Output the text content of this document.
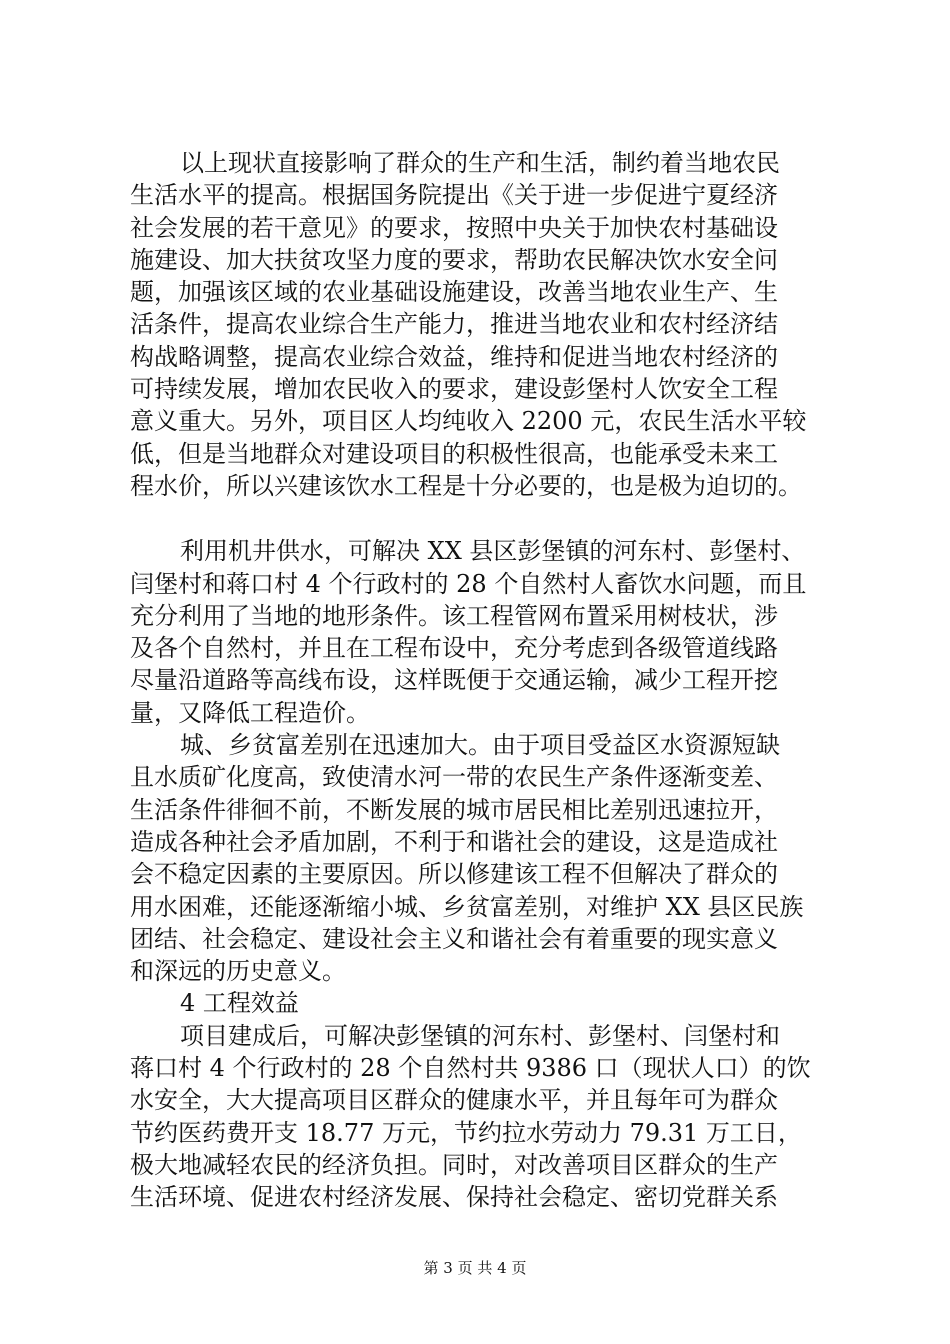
以上现状直接影响了群众的生产和生活，制约着当地农民
生活水平的提高。根据国务院提出《关于进一步促进宁夏经济
社会发展的若干意见》的要求，按照中央关于加快农村基础设
施建设、加大扶贫攻坚力度的要求，帮助农民解决饮水安全问
题，加强该区域的农业基础设施建设，改善当地农业生产、生
活条件，提高农业综合生产能力，推进当地农业和农村经济结
构战略调整，提高农业综合效益，维持和促进当地农村经济的
可持续发展，增加农民收入的要求，建设彭堡村人饮安全工程
意义重大。另外，项目区人均纯收入 2200 元，农民生活水平较
低，但是当地群众对建设项目的积极性很高，也能承受未来工
程水价，所以兴建该饮水工程是十分必要的，也是极为迫切的。
利用机井供水，可解决 XX 县区彭堡镇的河东村、彭堡村、
闫堡村和蒋口村 4 个行政村的 28 个自然村人畜饮水问题，而且
充分利用了当地的地形条件。该工程管网布置采用树枝状，涉
及各个自然村，并且在工程布设中，充分考虑到各级管道线路
尽量沿道路等高线布设，这样既便于交通运输，减少工程开挖
量，又降低工程造价。
城、乡贫富差别在迅速加大。由于项目受益区水资源短缺
且水质矿化度高，致使清水河一带的农民生产条件逐渐变差、
生活条件徘徊不前，不断发展的城市居民相比差别迅速拉开，
造成各种社会矛盾加剧，不利于和谐社会的建设，这是造成社
会不稳定因素的主要原因。所以修建该工程不但解决了群众的
用水困难，还能逐渐缩小城、乡贫富差别，对维护 XX 县区民族
团结、社会稳定、建设社会主义和谐社会有着重要的现实意义
和深远的历史意义。
4 工程效益
项目建成后，可解决彭堡镇的河东村、彭堡村、闫堡村和
蒋口村 4 个行政村的 28 个自然村共 9386 口（现状人口）的饮
水安全，大大提高项目区群众的健康水平，并且每年可为群众
节约医药费开支 18.77 万元，节约拉水劳动力 79.31 万工日，
极大地减轻农民的经济负担。同时，对改善项目区群众的生产
生活环境、促进农村经济发展、保持社会稳定、密切党群关系
第 3 页 共 4 页
